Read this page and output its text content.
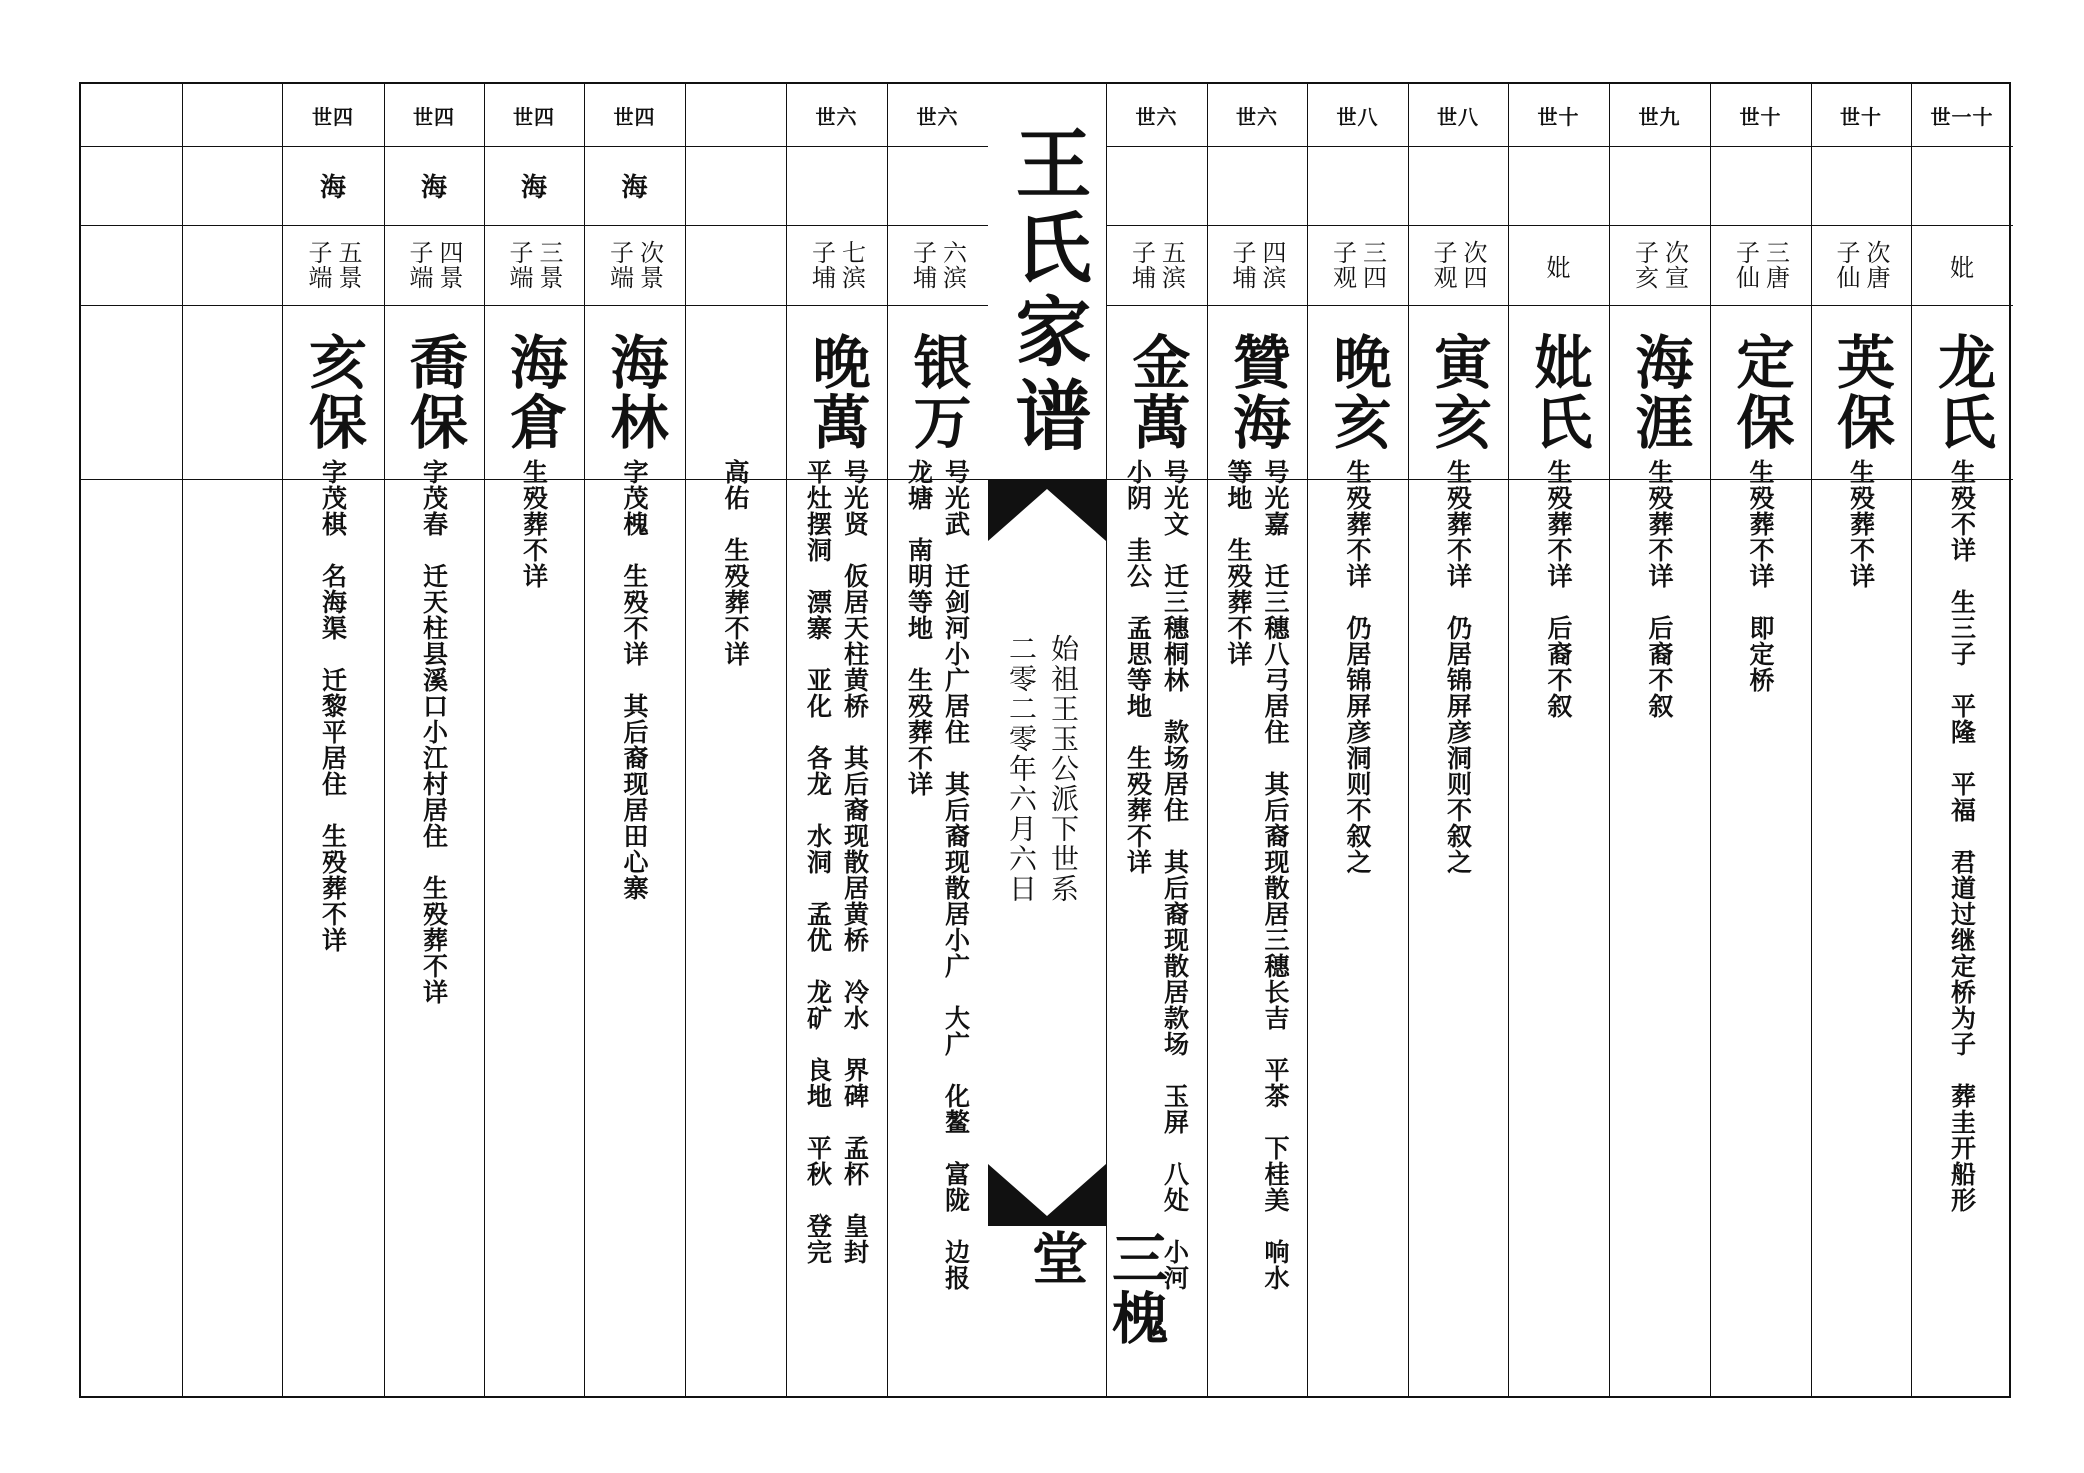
世四
海
五景
子端
亥保
字茂棋　名海渠　迁黎平居住　生殁葬不详
世四
海
四景
子端
喬保
字茂春　迁天柱县溪口小江村居住　生殁葬不详
世四
海
三景
子端
海倉
生殁葬不详
世四
海
次景
子端
海林
字茂槐　生殁不详　其后裔现居田心寨	高佑　生殁葬不详
世六
七滨
子埔
晚萬
号光贤　仮居天柱黄桥　其后裔现散居黄桥　冷水　界碑　孟杯　皇封
平灶摆洞　漂寨　亚化　各龙　水洞　孟优　龙矿　良地　平秋　登完
世六
六滨
子埔
银万
号光武　迁剑河小广居住　其后裔现散居小广　大广　化鳌　富陇　边报
龙塘　南明等地　生殁葬不详
世六
五滨
子埔
金萬
号光文　迁三穗桐林　款场居住　其后裔现散居款场　玉屏　八处　小河
小阴　圭公　孟思等地　生殁葬不详
世六
四滨
子埔
贊海
号光嘉　迁三穗八弓居住　其后裔现散居三穗长吉　平茶　下桂美　响水
等地　生殁葬不详
世八
三四
子观
晚亥
生殁葬不详　仍居锦屏彦洞则不叙之
世八
次四
子观
寅亥
生殁葬不详　仍居锦屏彦洞则不叙之
世十
妣
妣氏
生殁葬不详　后裔不叙
世九
次宣
子亥
海涯
生殁葬不详　后裔不叙
世十
三唐
子仙
定保
生殁葬不详　即定桥
世十
次唐
子仙
英保
生殁葬不详
世一十
妣
龙氏
生殁不详　生三子　平隆　平福　君道过继定桥为子　葬圭开船形
王氏家谱
始祖王玉公派下世系
二零二零年六月六日
三槐堂
